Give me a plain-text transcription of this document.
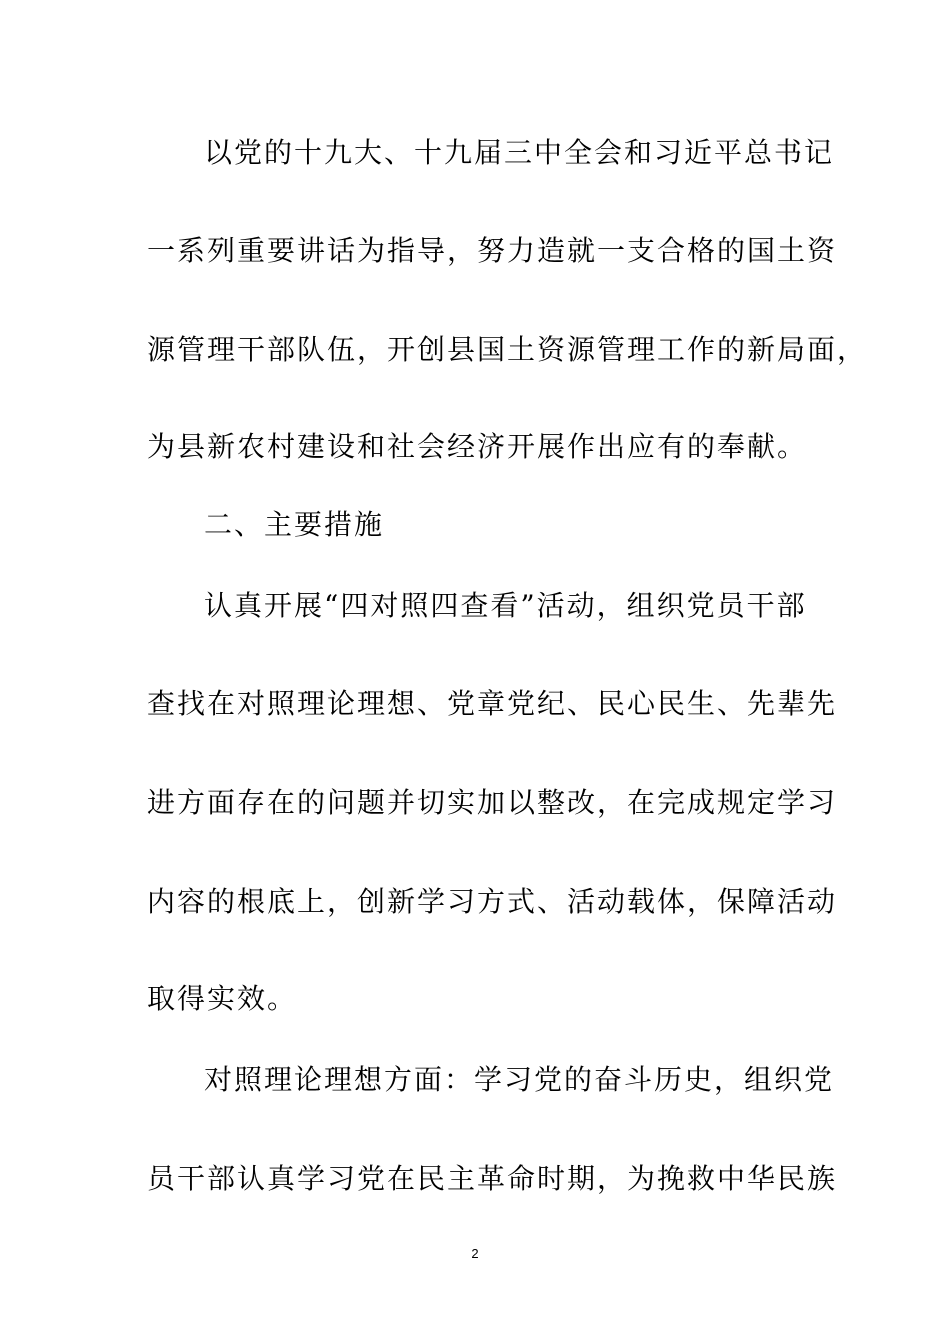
以党的十九大、十九届三中全会和习近平总书记
一系列重要讲话为指导，努力造就一支合格的国土资
源管理干部队伍，开创县国土资源管理工作的新局面，
为县新农村建设和社会经济开展作出应有的奉献。
二、主要措施
认真开展“四对照四查看”活动，组织党员干部
查找在对照理论理想、党章党纪、民心民生、先辈先
进方面存在的问题并切实加以整改，在完成规定学习
内容的根底上，创新学习方式、活动载体，保障活动
取得实效。
对照理论理想方面：学习党的奋斗历史，组织党
员干部认真学习党在民主革命时期，为挽救中华民族
2
